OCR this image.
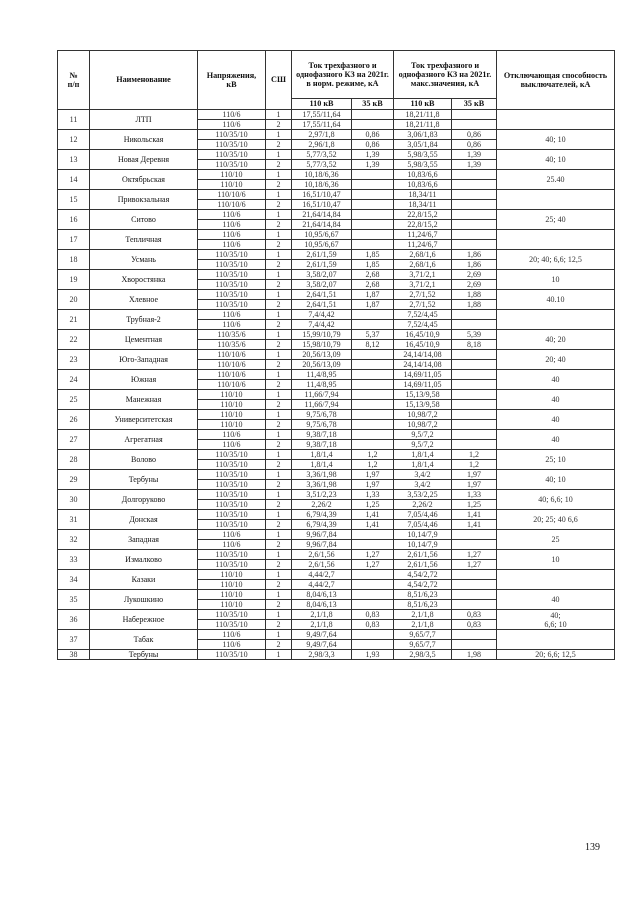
№
п/п	Наименование	Напряжения,
кВ	СШ	Ток трехфазного и однофазного КЗ на 2021г. в норм. режиме, кА		Ток трехфазного и однофазного КЗ на 2021г. макс.значения, кА		Отключающая способность выключателей, кА
				110 кВ	35 кВ	110 кВ	35 кВ	
11	ЛТП	110/6	1	17,55/11,64		18,21/11,8		
		110/6	2	17,55/11,64		18,21/11,8		
12	Никольская	110/35/10	1	2,97/1,8	0,86	3,06/1,83	0,86	40; 10
		110/35/10	2	2,96/1,8	0,86	3,05/1,84	0,86	
13	Новая Деревня	110/35/10	1	5,77/3,52	1,39	5,98/3,55	1,39	40; 10
		110/35/10	2	5,77/3,52	1,39	5,98/3,55	1,39	
14	Октябрьская	110/10	1	10,18/6,36		10,83/6,6		25.40
		110/10	2	10,18/6,36		10,83/6,6		
15	Привокзальная	110/10/6	1	16,51/10,47		18,34/11		
		110/10/6	2	16,51/10,47		18,34/11		
16	Ситово	110/6	1	21,64/14,84		22,8/15,2		25; 40
		110/6	2	21,64/14,84		22,8/15,2		
17	Тепличная	110/6	1	10,95/6,67		11,24/6,7		
		110/6	2	10,95/6,67		11,24/6,7		
18	Усмань	110/35/10	1	2,61/1,59	1,85	2,68/1,6	1,86	20; 40; 6,6; 12,5
		110/35/10	2	2,61/1,59	1,85	2,68/1,6	1,86	
19	Хворостянка	110/35/10	1	3,58/2,07	2,68	3,71/2,1	2,69	10
		110/35/10	2	3,58/2,07	2,68	3,71/2,1	2,69	
20	Хлевное	110/35/10	1	2,64/1,51	1,87	2,7/1,52	1,88	40.10
		110/35/10	2	2,64/1,51	1,87	2,7/1,52	1,88	
21	Трубная-2	110/6	1	7,4/4,42		7,52/4,45		
		110/6	2	7,4/4,42		7,52/4,45		
22	Цементная	110/35/6	1	15,99/10,79	5,37	16,45/10,9	5,39	40; 20
		110/35/6	2	15,98/10,79	8,12	16,45/10,9	8,18	
23	Юго-Западная	110/10/6	1	20,56/13,09		24,14/14,08		20; 40
		110/10/6	2	20,56/13,09		24,14/14,08		
24	Южная	110/10/6	1	11,4/8,95		14,69/11,05		40
		110/10/6	2	11,4/8,95		14,69/11,05		
25	Манежная	110/10	1	11,66/7,94		15,13/9,58		40
		110/10	2	11,66/7,94		15,13/9,58		
26	Университетская	110/10	1	9,75/6,78		10,98/7,2		40
		110/10	2	9,75/6,78		10,98/7,2		
27	Агрегатная	110/6	1	9,38/7,18		9,5/7,2		40
		110/6	2	9,38/7,18		9,5/7,2		
28	Волово	110/35/10	1	1,8/1,4	1,2	1,8/1,4	1,2	25; 10
		110/35/10	2	1,8/1,4	1,2	1,8/1,4	1,2	
29	Тербуны	110/35/10	1	3,36/1,98	1,97	3,4/2	1,97	40; 10
		110/35/10	2	3,36/1,98	1,97	3,4/2	1,97	
30	Долгоруково	110/35/10	1	3,51/2,23	1,33	3,53/2,25	1,33	40; 6,6; 10
		110/35/10	2	2,26/2	1,25	2,26/2	1,25	
31	Донская	110/35/10	1	6,79/4,39	1,41	7,05/4,46	1,41	20; 25; 40 6,6
		110/35/10	2	6,79/4,39	1,41	7,05/4,46	1,41	
32	Западная	110/6	1	9,96/7,84		10,14/7,9		25
		110/6	2	9,96/7,84		10,14/7,9		
33	Измалково	110/35/10	1	2,6/1,56	1,27	2,61/1,56	1,27	10
		110/35/10	2	2,6/1,56	1,27	2,61/1,56	1,27	
34	Казаки	110/10	1	4,44/2,7		4,54/2,72		
		110/10	2	4,44/2,7		4,54/2,72		
35	Лукошкино	110/10	1	8,04/6,13		8,51/6,23		40
		110/10	2	8,04/6,13		8,51/6,23		
36	Набережное	110/35/10	1	2,1/1,8	0,83	2,1/1,8	0,83	40;
6,6; 10
		110/35/10	2	2,1/1,8	0,83	2,1/1,8	0,83	
37	Табак	110/6	1	9,49/7,64		9,65/7,7		
		110/6	2	9,49/7,64		9,65/7,7		
38	Тербуны	110/35/10	1	2,98/3,3	1,93	2,98/3,5	1,98	20; 6,6; 12,5
139
